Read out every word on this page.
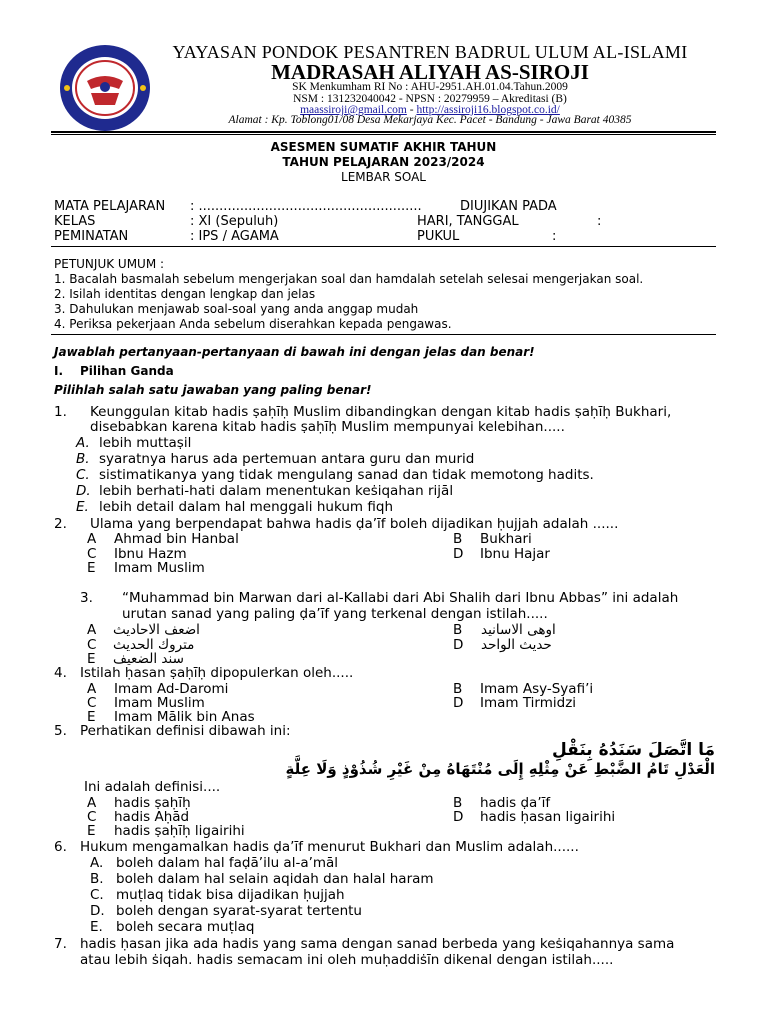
YAYASAN PONDOK PESANTREN BADRUL ULUM AL-ISLAMI
MADRASAH ALIYAH AS-SIROJI
SK Menkumham RI No : AHU-2951.AH.01.04.Tahun.2009
NSM : 131232040042 - NPSN : 20279959 – Akreditasi (B)
maassiroji@gmail.com - http://assiroji16.blogspot.co.id/
Alamat : Kp. Toblong01/08 Desa Mekarjaya Kec. Pacet - Bandung - Jawa Barat 40385
ASESMEN SUMATIF AKHIR TAHUN
TAHUN PELAJARAN 2023/2024
LEMBAR SOAL
MATA PELAJARAN : ......................................................	DIUJIKAN PADA
KELAS	: XI (Sepuluh)	HARI, TANGGAL	:
PEMINATAN	: IPS / AGAMA	PUKUL	:
PETUNJUK UMUM :
1. Bacalah basmalah sebelum mengerjakan soal dan hamdalah setelah selesai mengerjakan soal.
2. Isilah identitas dengan lengkap dan jelas
3. Dahulukan menjawab soal-soal yang anda anggap mudah
4. Periksa pekerjaan Anda sebelum diserahkan kepada pengawas.
Jawablah pertanyaan-pertanyaan di bawah ini dengan jelas dan benar!
I. Pilihan Ganda
Pilihlah salah satu jawaban yang paling benar!
1. Keunggulan kitab hadis ṣaḥīḥ Muslim dibandingkan dengan kitab hadis ṣaḥīḥ Bukhari,
disebabkan karena kitab hadis ṣaḥīḥ Muslim mempunyai kelebihan.....
A. lebih muttaṣil
B. syaratnya harus ada pertemuan antara guru dan murid
C. sistimatikanya yang tidak mengulang sanad dan tidak memotong hadits.
D. lebih berhati-hati dalam menentukan keṡiqahan rijāl
E. lebih detail dalam hal menggali hukum fiqh
2. Ulama yang berpendapat bahwa hadis ḍa’īf boleh dijadikan ḥujjah adalah ......
A Ahmad bin Hanbal	B Bukhari
C Ibnu Hazm	D Ibnu Hajar
E Imam Muslim
3. “Muhammad bin Marwan dari al-Kallabi dari Abi Shalih dari Ibnu Abbas” ini adalah
urutan sanad yang paling ḍa’īf yang terkenal dengan istilah.....
A اضعف الاحاديث	B اوهى الاسانيد
C متروك الحديث	D حديث الواحد
E سند الضعيف
4. Istilah ḥasan ṣaḥīḥ dipopulerkan oleh.....
A Imam Ad-Daromi	B Imam Asy-Syafi’i
C Imam Muslim	D Imam Tirmidzi
E Imam Mālik bin Anas
5. Perhatikan definisi dibawah ini:
مَا اتَّصَلَ سَنَدُهُ بِنَقْلِ
الْعَدْلِ تَامُ الضَّبْطِ عَنْ مِثْلِهِ إِلَى مُنْتَهَاهُ مِنْ غَيْرِ شُذُوْذٍ وَلَا عِلَّةٍ
Ini adalah definisi....
A hadis ṣaḥīḥ	B hadis ḍa’īf
C hadis Aḥād	D hadis ḥasan ligairihi
E hadis ṣaḥīḥ ligairihi
6. Hukum mengamalkan hadis ḍa’īf menurut Bukhari dan Muslim adalah......
A. boleh dalam hal faḍā’ilu al-a’māl
B. boleh dalam hal selain aqidah dan halal haram
C. muṭlaq tidak bisa dijadikan ḥujjah
D. boleh dengan syarat-syarat tertentu
E. boleh secara muṭlaq
7. hadis ḥasan jika ada hadis yang sama dengan sanad berbeda yang keṡiqahannya sama
atau lebih ṡiqah. hadis semacam ini oleh muḥaddiṡīn dikenal dengan istilah.....
